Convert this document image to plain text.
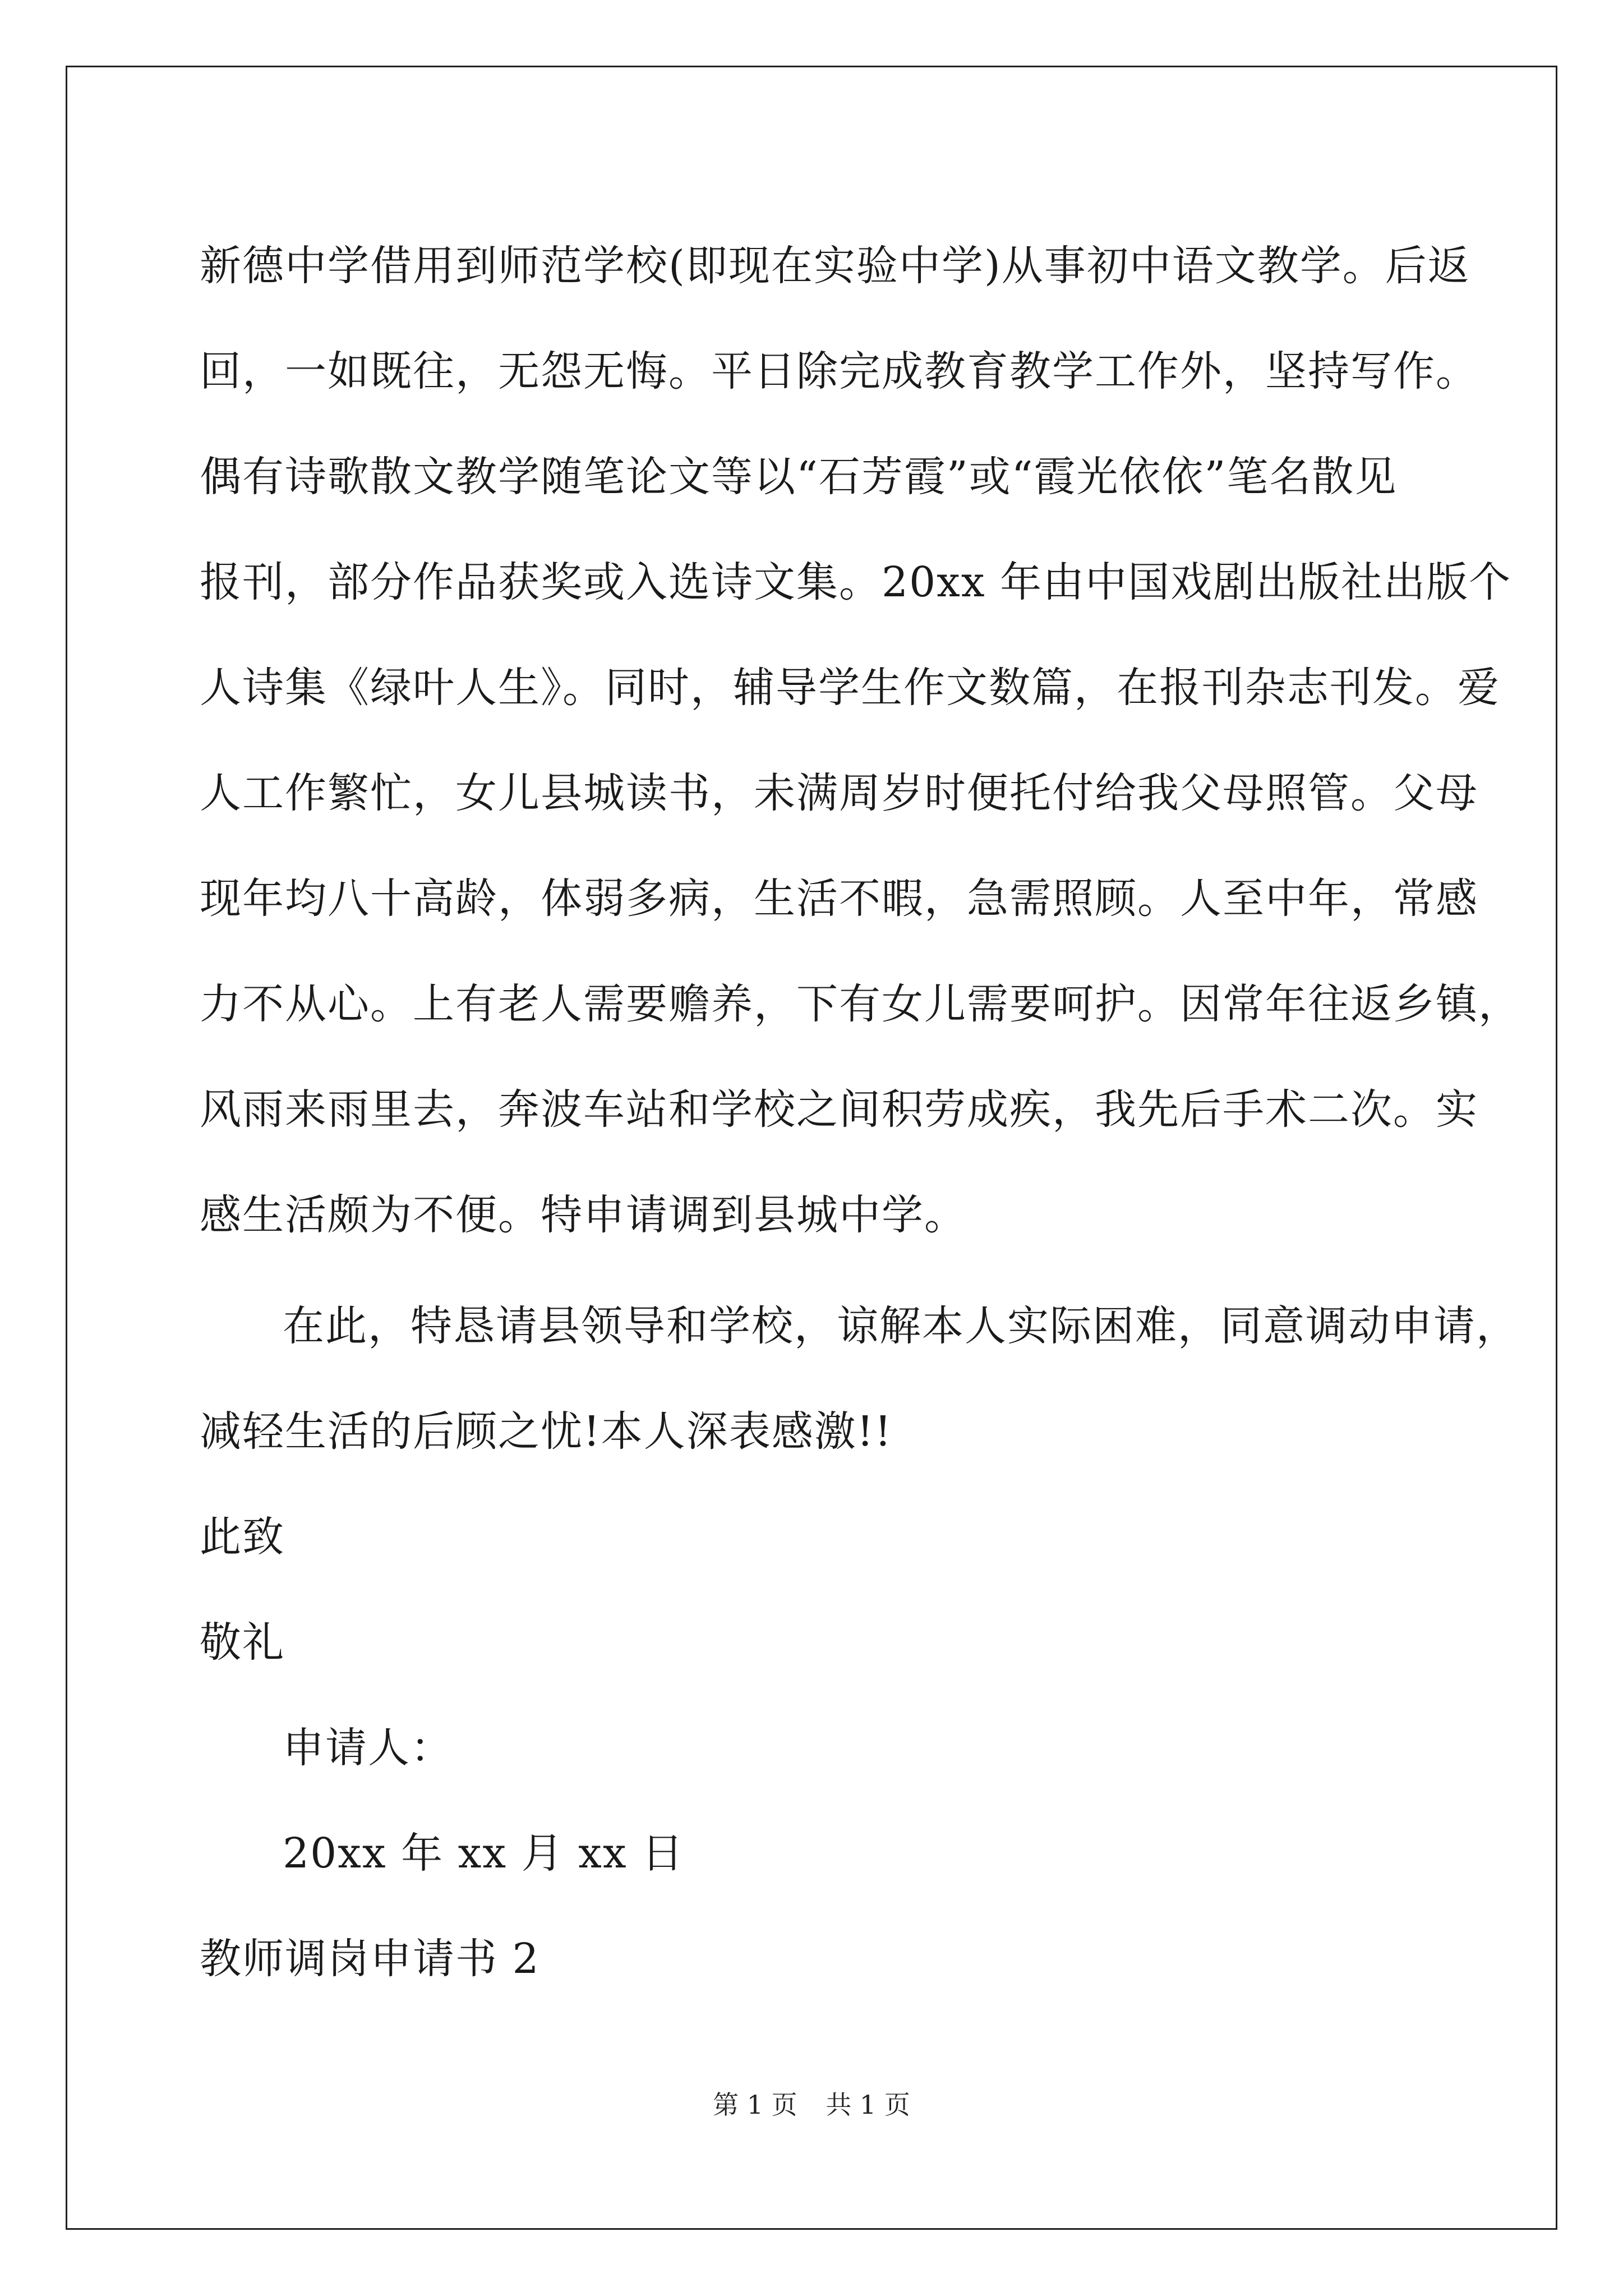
新德中学借用到师范学校(即现在实验中学)从事初中语文教学。后返
回，一如既往，无怨无悔。平日除完成教育教学工作外，坚持写作。
偶有诗歌散文教学随笔论文等以“石芳霞”或“霞光依依”笔名散见
报刊，部分作品获奖或入选诗文集。20xx 年由中国戏剧出版社出版个
人诗集《绿叶人生》。同时，辅导学生作文数篇，在报刊杂志刊发。爱
人工作繁忙，女儿县城读书，未满周岁时便托付给我父母照管。父母
现年均八十高龄，体弱多病，生活不暇，急需照顾。人至中年，常感
力不从心。上有老人需要赡养，下有女儿需要呵护。因常年往返乡镇，
风雨来雨里去，奔波车站和学校之间积劳成疾，我先后手术二次。实
感生活颇为不便。特申请调到县城中学。
在此，特恳请县领导和学校，谅解本人实际困难，同意调动申请，
减轻生活的后顾之忧!本人深表感激!!
此致
敬礼
申请人：
20xx 年 xx 月 xx 日
教师调岗申请书 2
第 1 页 共 1 页
